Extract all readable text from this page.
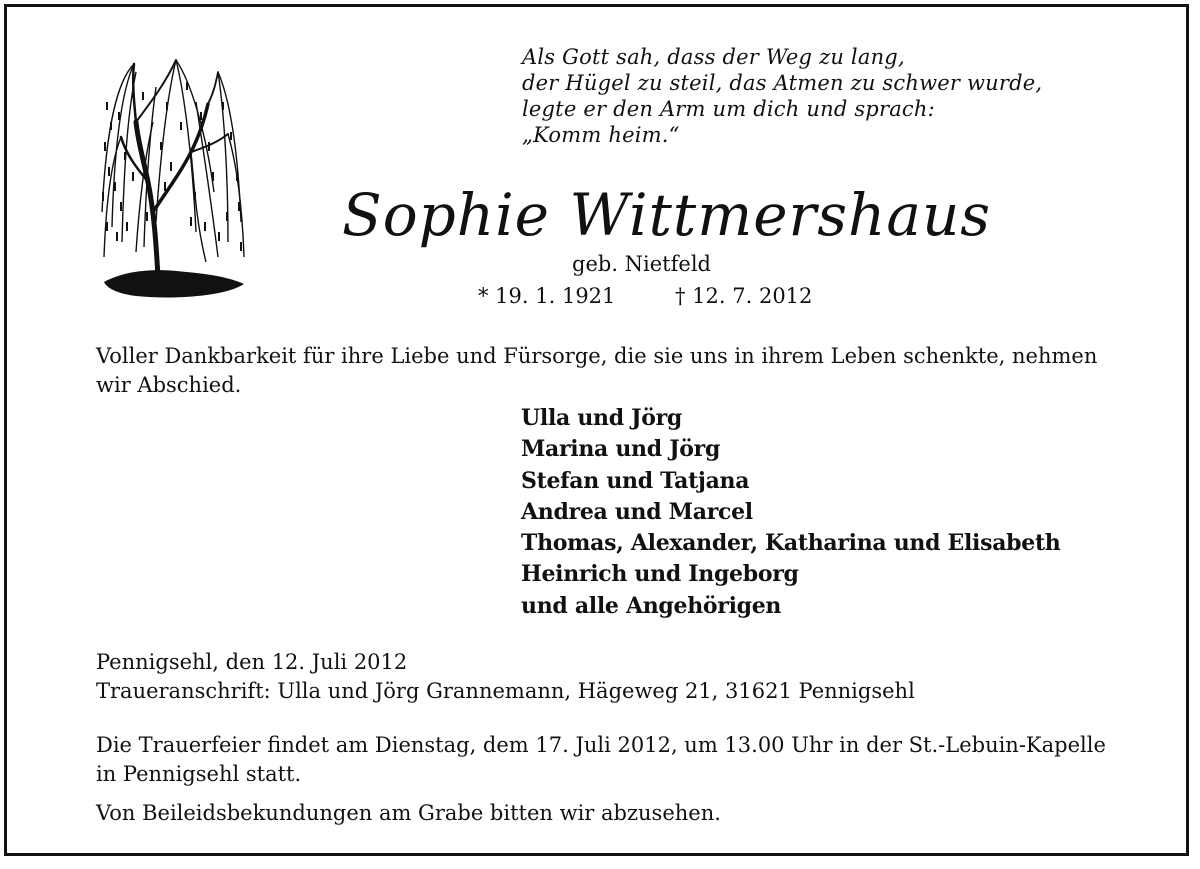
Als Gott sah, dass der Weg zu lang,
der Hügel zu steil, das Atmen zu schwer wurde,
legte er den Arm um dich und sprach:
„Komm heim.“
Sophie Wittmershaus
geb. Nietfeld
* 19. 1. 1921	† 12. 7. 2012
Voller Dankbarkeit für ihre Liebe und Fürsorge, die sie uns in ihrem Leben schenkte, nehmen wir Abschied.
Ulla und Jörg
Marina und Jörg
Stefan und Tatjana
Andrea und Marcel
Thomas, Alexander, Katharina und Elisabeth
Heinrich und Ingeborg
und alle Angehörigen
Pennigsehl, den 12. Juli 2012
Traueranschrift: Ulla und Jörg Grannemann, Hägeweg 21, 31621 Pennigsehl
Die Trauerfeier findet am Dienstag, dem 17. Juli 2012, um 13.00 Uhr in der St.-Lebuin-Kapelle in Pennigsehl statt.
Von Beileidsbekundungen am Grabe bitten wir abzusehen.
